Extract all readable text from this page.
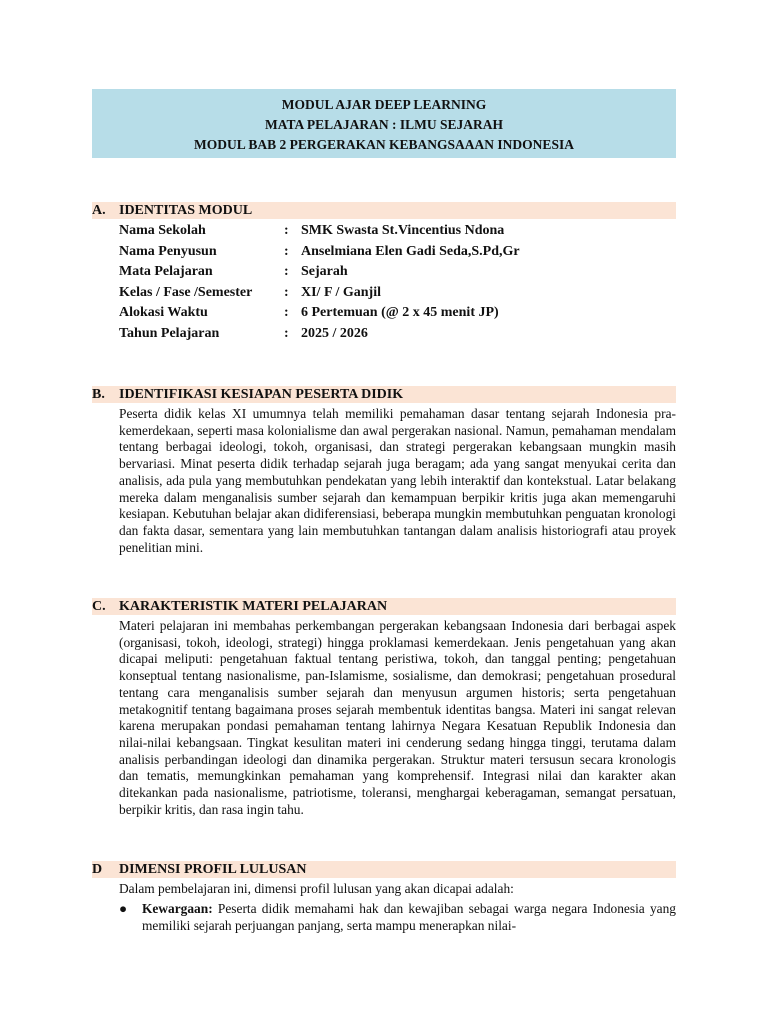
MODUL AJAR DEEP LEARNING
MATA PELAJARAN : ILMU SEJARAH
MODUL BAB 2 PERGERAKAN KEBANGSAAAN INDONESIA
A. IDENTITAS MODUL
Nama Sekolah	: SMK Swasta St.Vincentius Ndona
Nama Penyusun	: Anselmiana Elen Gadi Seda,S.Pd,Gr
Mata Pelajaran	: Sejarah
Kelas / Fase /Semester : XI/ F / Ganjil
Alokasi Waktu	: 6 Pertemuan (@ 2 x 45 menit JP)
Tahun Pelajaran	: 2025 / 2026
B. IDENTIFIKASI KESIAPAN PESERTA DIDIK

Peserta didik kelas XI umumnya telah memiliki pemahaman dasar tentang sejarah Indonesia pra-kemerdekaan, seperti masa kolonialisme dan awal pergerakan nasional. Namun, pemahaman mendalam tentang berbagai ideologi, tokoh, organisasi, dan strategi pergerakan kebangsaan mungkin masih bervariasi. Minat peserta didik terhadap sejarah juga beragam; ada yang sangat menyukai cerita dan analisis, ada pula yang membutuhkan pendekatan yang lebih interaktif dan kontekstual. Latar belakang mereka dalam menganalisis sumber sejarah dan kemampuan berpikir kritis juga akan memengaruhi kesiapan. Kebutuhan belajar akan didiferensiasi, beberapa mungkin membutuhkan penguatan kronologi dan fakta dasar, sementara yang lain membutuhkan tantangan dalam analisis historiografi atau proyek penelitian mini.

C. KARAKTERISTIK MATERI PELAJARAN

Materi pelajaran ini membahas perkembangan pergerakan kebangsaan Indonesia dari berbagai aspek (organisasi, tokoh, ideologi, strategi) hingga proklamasi kemerdekaan. Jenis pengetahuan yang akan dicapai meliputi: pengetahuan faktual tentang peristiwa, tokoh, dan tanggal penting; pengetahuan konseptual tentang nasionalisme, pan-Islamisme, sosialisme, dan demokrasi; pengetahuan prosedural tentang cara menganalisis sumber sejarah dan menyusun argumen historis; serta pengetahuan metakognitif tentang bagaimana proses sejarah membentuk identitas bangsa. Materi ini sangat relevan karena merupakan pondasi pemahaman tentang lahirnya Negara Kesatuan Republik Indonesia dan nilai-nilai kebangsaan. Tingkat kesulitan materi ini cenderung sedang hingga tinggi, terutama dalam analisis perbandingan ideologi dan dinamika pergerakan. Struktur materi tersusun secara kronologis dan tematis, memungkinkan pemahaman yang komprehensif. Integrasi nilai dan karakter akan ditekankan pada nasionalisme, patriotisme, toleransi, menghargai keberagaman, semangat persatuan, berpikir kritis, dan rasa ingin tahu.

D DIMENSI PROFIL LULUSAN

Dalam pembelajaran ini, dimensi profil lulusan yang akan dicapai adalah:

● Kewargaan: Peserta didik memahami hak dan kewajiban sebagai warga negara Indonesia yang memiliki sejarah perjuangan panjang, serta mampu menerapkan nilai-
